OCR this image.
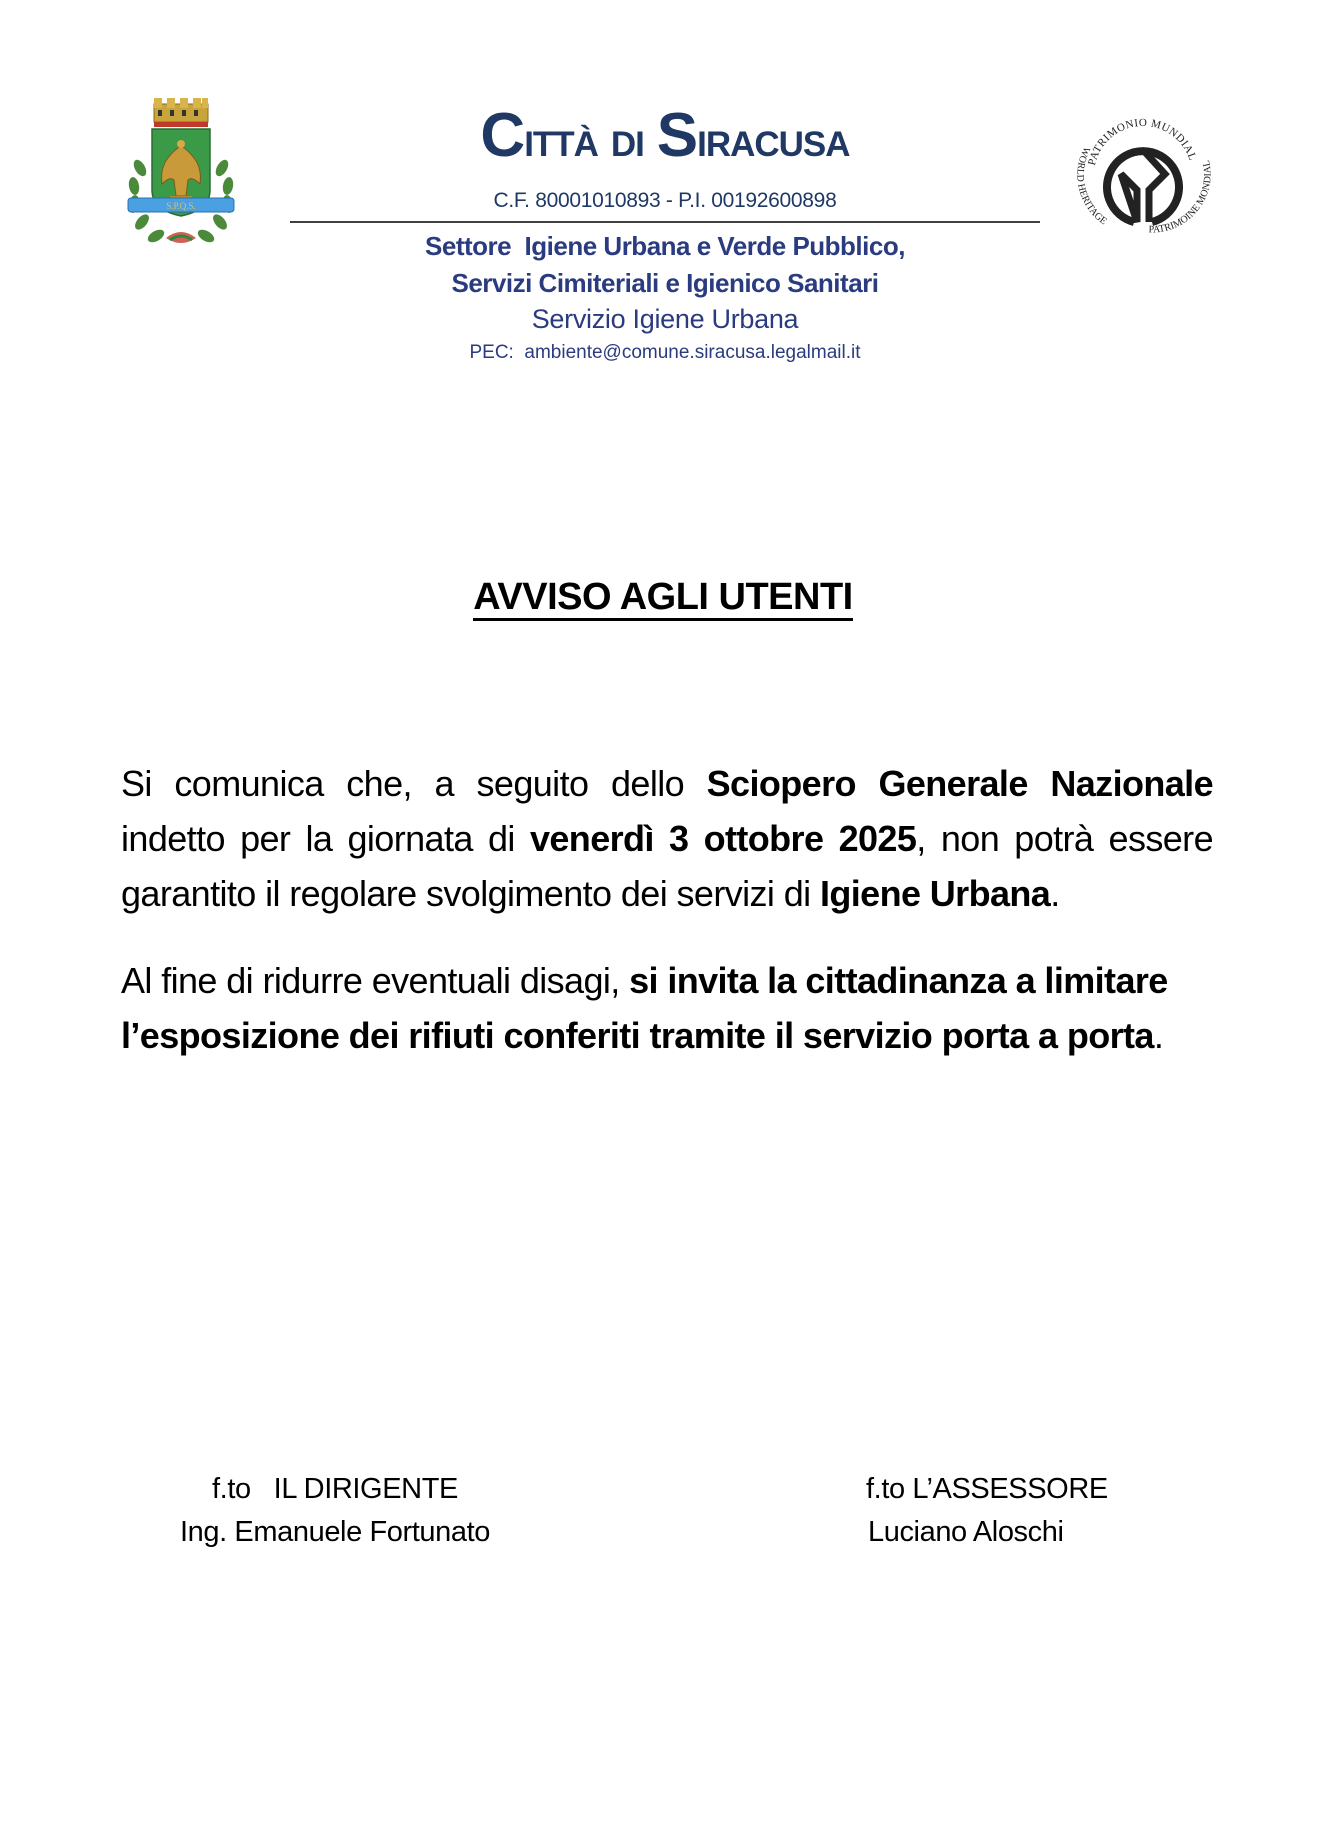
S.P.Q.S.
Città di Siracusa
C.F. 80001010893 - P.I. 00192600898
Settore  Igiene Urbana e Verde Pubblico,
Servizi Cimiteriali e Igienico Sanitari
Servizio Igiene Urbana
PEC:  ambiente@comune.siracusa.legalmail.it
PATRIMONIO MUNDIAL
WORLD HERITAGE
PATRIMOINE MONDIAL
AVVISO AGLI UTENTI

Si comunica che, a seguito dello Sciopero Generale Nazionale indetto per la giornata di venerdì 3 ottobre 2025, non potrà essere garantito il regolare svolgimento dei servizi di Igiene Urbana.

Al fine di ridurre eventuali disagi, si invita la cittadinanza a limitare l’esposizione dei rifiuti conferiti tramite il servizio porta a porta.

f.to   IL DIRIGENTE
Ing. Emanuele Fortunato
f.to L’ASSESSORE
Luciano Aloschi
